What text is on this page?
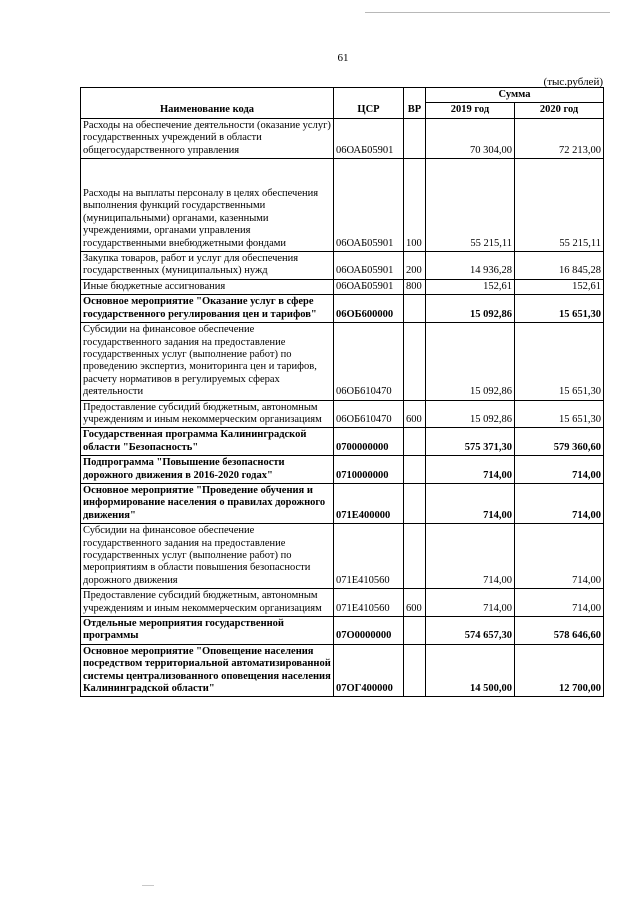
61
(тыс.рублей)
Наименование кода	ЦСР	ВР	Сумма	
			2019 год	2020 год
Расходы на обеспечение деятельности (оказание услуг) государственных учреждений в области общегосударственного управления	06ОАБ05901		70 304,00	72 213,00
Расходы на выплаты персоналу в целях обеспечения выполнения функций государственными (муниципальными) органами, казенными учреждениями, органами управления государственными внебюджетными фондами	06ОАБ05901	100	55 215,11	55 215,11
Закупка товаров, работ и услуг для обеспечения государственных (муниципальных) нужд	06ОАБ05901	200	14 936,28	16 845,28
Иные бюджетные ассигнования	06ОАБ05901	800	152,61	152,61
Основное мероприятие "Оказание услуг в сфере государственного регулирования цен и тарифов"	06ОБ600000		15 092,86	15 651,30
Субсидии на финансовое обеспечение государственного задания на предоставление государственных услуг (выполнение работ) по проведению экспертиз, мониторинга цен и тарифов, расчету нормативов в регулируемых сферах деятельности	06ОБ610470		15 092,86	15 651,30
Предоставление субсидий бюджетным, автономным учреждениям и иным некоммерческим организациям	06ОБ610470	600	15 092,86	15 651,30
Государственная программа Калининградской области "Безопасность"	0700000000		575 371,30	579 360,60
Подпрограмма "Повышение безопасности дорожного движения в 2016-2020 годах"	0710000000		714,00	714,00
Основное мероприятие "Проведение обучения и информирование населения о правилах дорожного движения"	071Е400000		714,00	714,00
Субсидии на финансовое обеспечение государственного задания на предоставление государственных услуг (выполнение работ) по мероприятиям в области повышения безопасности дорожного движения	071Е410560		714,00	714,00
Предоставление субсидий бюджетным, автономным учреждениям и иным некоммерческим организациям	071Е410560	600	714,00	714,00
Отдельные мероприятия государственной программы	07О0000000		574 657,30	578 646,60
Основное мероприятие "Оповещение населения посредством территориальной автоматизированной системы централизованного оповещения населения Калининградской области"	07ОГ400000		14 500,00	12 700,00
